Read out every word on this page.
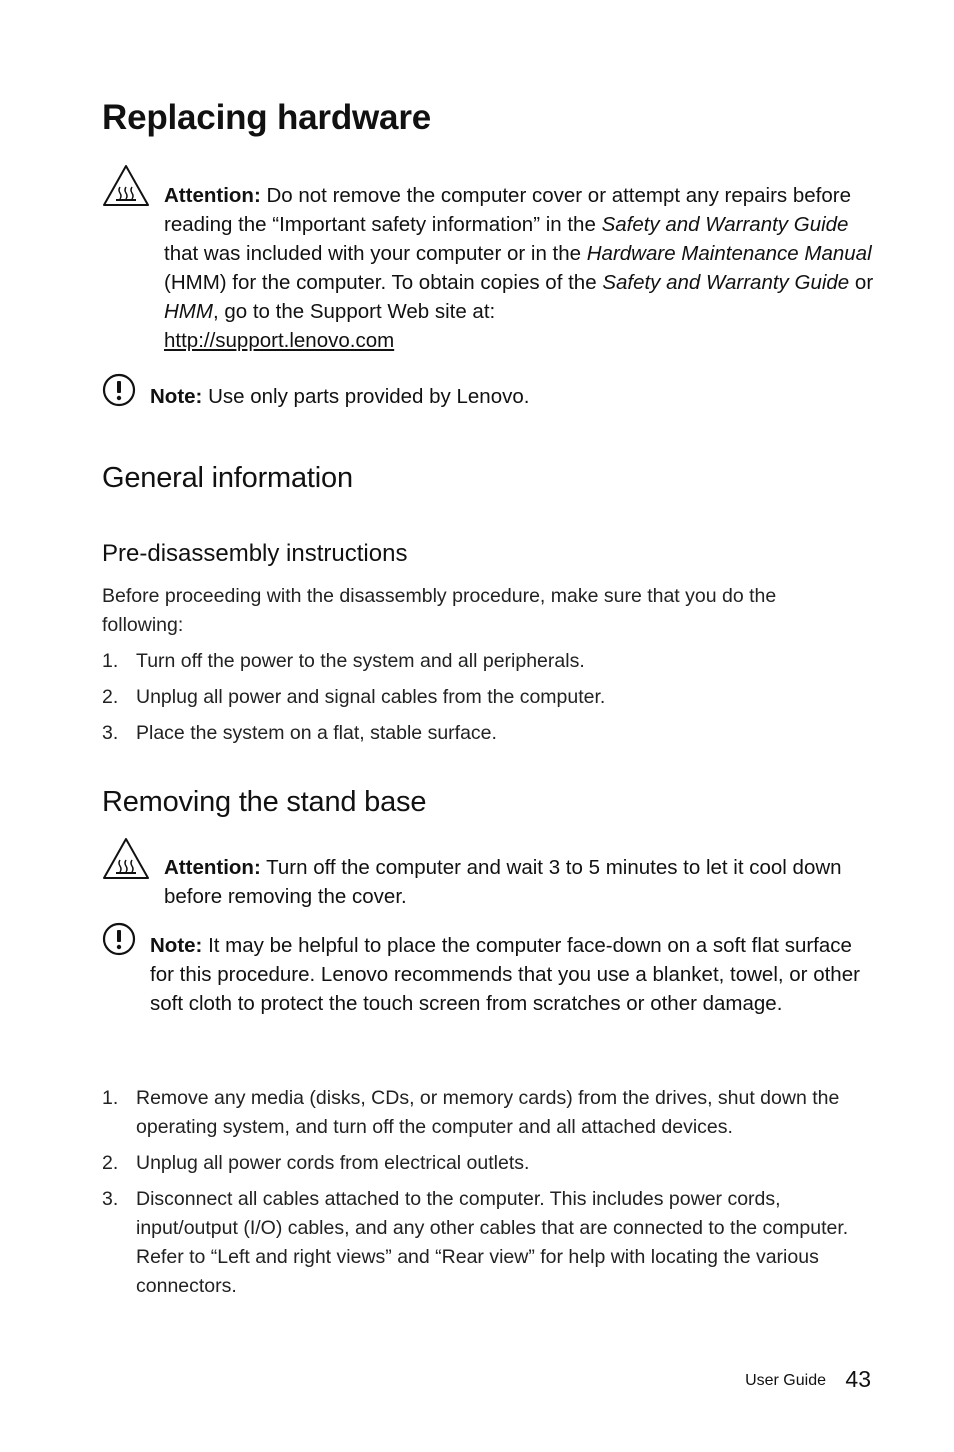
Replacing hardware
Attention: Do not remove the computer cover or attempt any repairs before reading the “Important safety information” in the Safety and Warranty Guide that was included with your computer or in the Hardware Maintenance Manual (HMM) for the computer. To obtain copies of the Safety and Warranty Guide or HMM, go to the Support Web site at:
http://support.lenovo.com
Note: Use only parts provided by Lenovo.
General information
Pre-disassembly instructions
Before proceeding with the disassembly procedure, make sure that you do the following:
1. Turn off the power to the system and all peripherals.
2. Unplug all power and signal cables from the computer.
3. Place the system on a flat, stable surface.
Removing the stand base
Attention: Turn off the computer and wait 3 to 5 minutes to let it cool down before removing the cover.
Note: It may be helpful to place the computer face-down on a soft flat surface for this procedure. Lenovo recommends that you use a blanket, towel, or other soft cloth to protect the touch screen from scratches or other damage.
1. Remove any media (disks, CDs, or memory cards) from the drives, shut down the operating system, and turn off the computer and all attached devices.
2. Unplug all power cords from electrical outlets.
3. Disconnect all cables attached to the computer. This includes power cords, input/output (I/O) cables, and any other cables that are connected to the computer. Refer to “Left and right views” and “Rear view” for help with locating the various connectors.
User Guide 43
